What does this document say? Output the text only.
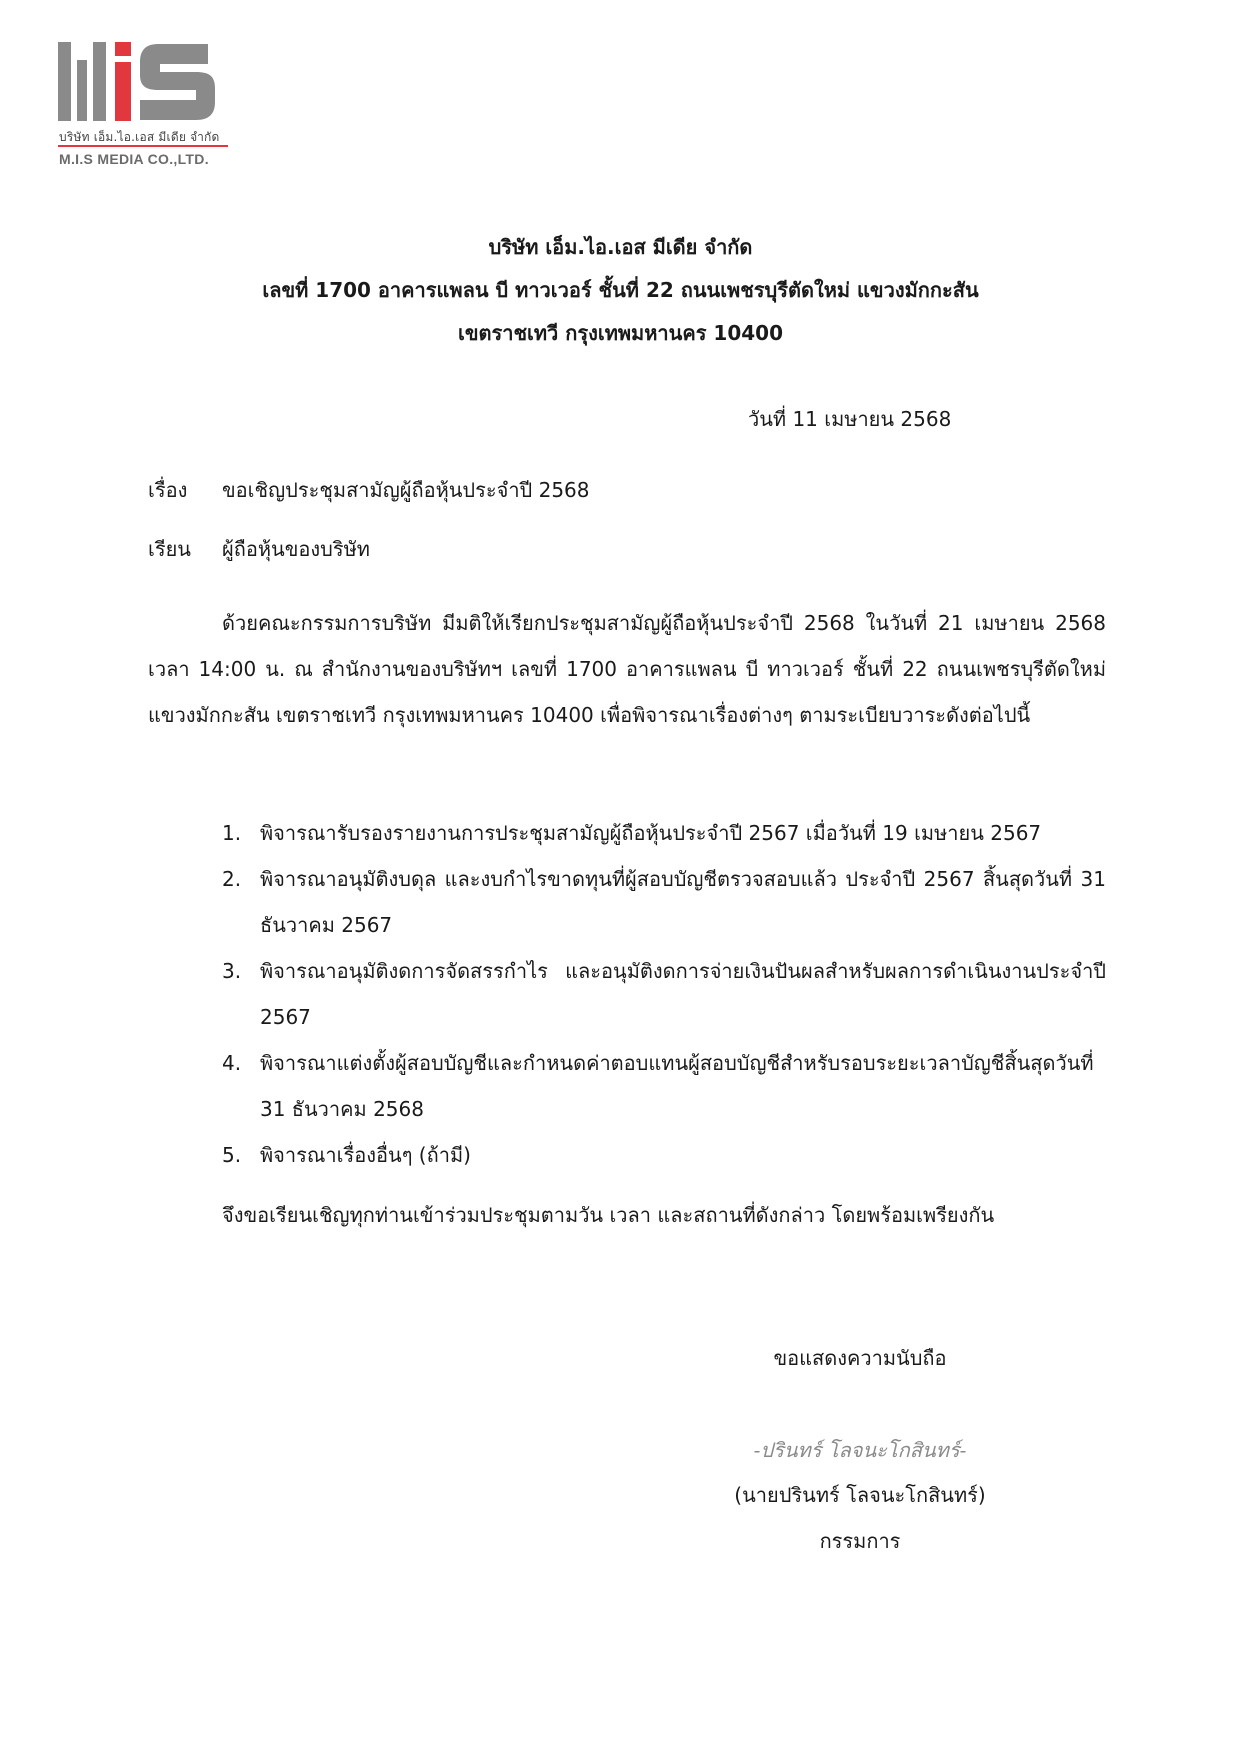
บริษัท เอ็ม.ไอ.เอส มีเดีย จำกัด
M.I.S MEDIA CO.,LTD.
บริษัท เอ็ม.ไอ.เอส มีเดีย จำกัด
เลขที่ 1700 อาคารแพลน บี ทาวเวอร์ ชั้นที่ 22 ถนนเพชรบุรีตัดใหม่ แขวงมักกะสัน
เขตราชเทวี กรุงเทพมหานคร 10400
วันที่ 11 เมษายน 2568
เรื่อง ขอเชิญประชุมสามัญผู้ถือหุ้นประจำปี 2568
เรียน ผู้ถือหุ้นของบริษัท
ด้วยคณะกรรมการบริษัท มีมติให้เรียกประชุมสามัญผู้ถือหุ้นประจำปี 2568 ในวันที่ 21 เมษายน 2568 เวลา 14:00 น. ณ สำนักงานของบริษัทฯ เลขที่ 1700 อาคารแพลน บี ทาวเวอร์ ชั้นที่ 22 ถนนเพชรบุรีตัดใหม่ แขวงมักกะสัน เขตราชเทวี กรุงเทพมหานคร 10400 เพื่อพิจารณาเรื่องต่างๆ ตามระเบียบวาระดังต่อไปนี้
1. พิจารณารับรองรายงานการประชุมสามัญผู้ถือหุ้นประจำปี 2567 เมื่อวันที่ 19 เมษายน 2567
2. พิจารณาอนุมัติงบดุล และงบกำไรขาดทุนที่ผู้สอบบัญชีตรวจสอบแล้ว ประจำปี 2567 สิ้นสุดวันที่ 31 ธันวาคม 2567
3. พิจารณาอนุมัติงดการจัดสรรกำไร และอนุมัติงดการจ่ายเงินปันผลสำหรับผลการดำเนินงานประจำปี 2567
4. พิจารณาแต่งตั้งผู้สอบบัญชีและกำหนดค่าตอบแทนผู้สอบบัญชีสำหรับรอบระยะเวลาบัญชีสิ้นสุดวันที่ 31 ธันวาคม 2568
5. พิจารณาเรื่องอื่นๆ (ถ้ามี)
จึงขอเรียนเชิญทุกท่านเข้าร่วมประชุมตามวัน เวลา และสถานที่ดังกล่าว โดยพร้อมเพรียงกัน
ขอแสดงความนับถือ
-ปรินทร์ โลจนะโกสินทร์-
(นายปรินทร์ โลจนะโกสินทร์)
กรรมการ
